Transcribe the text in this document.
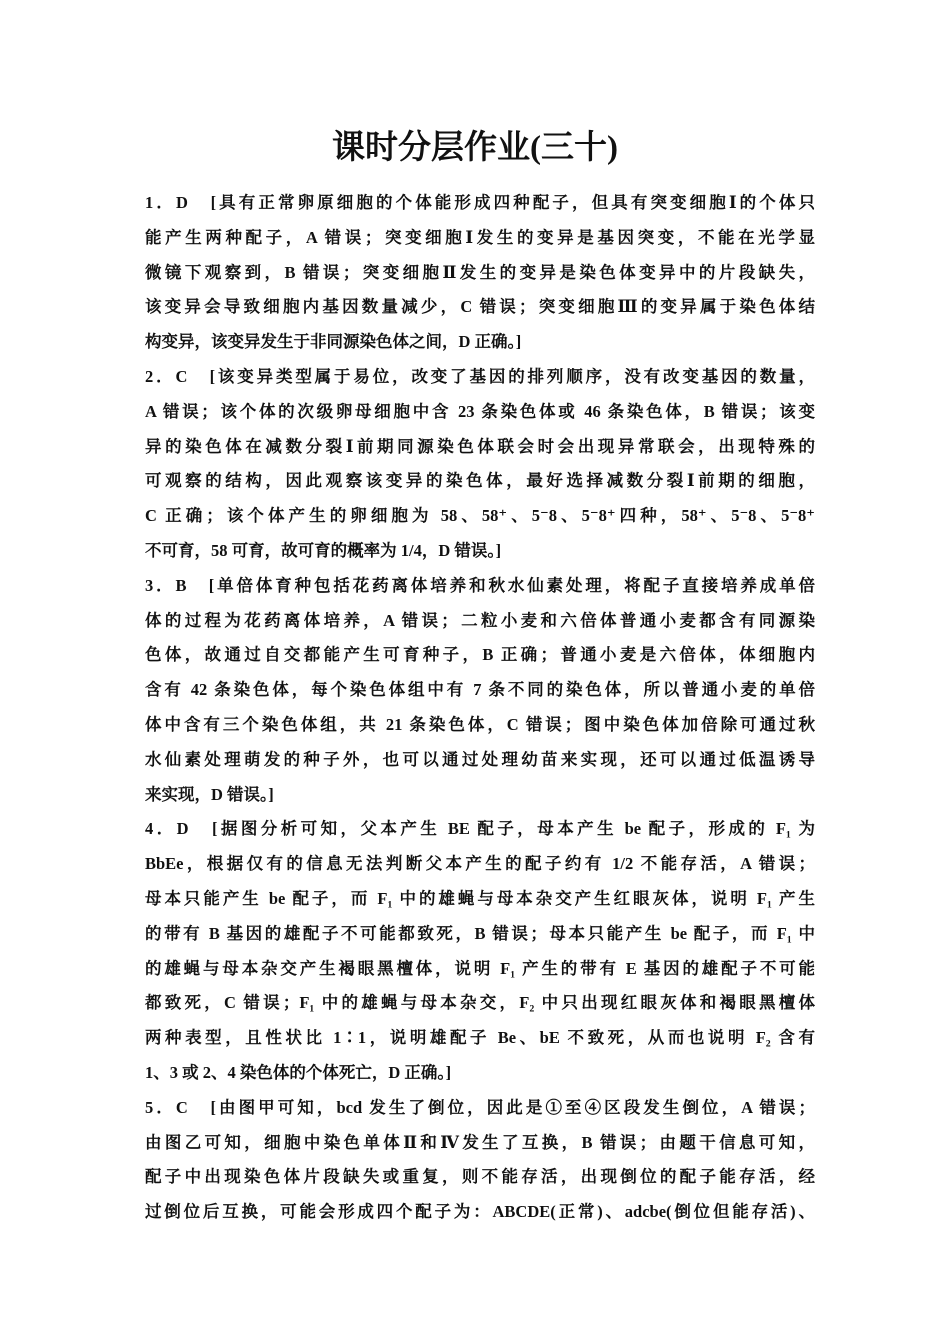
课时分层作业(三十)
1．D　[具有正常卵原细胞的个体能形成四种配子，但具有突变细胞Ⅰ的个体只
能产生两种配子，A 错误；突变细胞Ⅰ发生的变异是基因突变，不能在光学显
微镜下观察到，B 错误；突变细胞Ⅱ发生的变异是染色体变异中的片段缺失，
该变异会导致细胞内基因数量减少，C 错误；突变细胞Ⅲ的变异属于染色体结
构变异，该变异发生于非同源染色体之间，D 正确。]
2．C　[该变异类型属于易位，改变了基因的排列顺序，没有改变基因的数量，
A 错误；该个体的次级卵母细胞中含 23 条染色体或 46 条染色体，B 错误；该变
异的染色体在减数分裂Ⅰ前期同源染色体联会时会出现异常联会，出现特殊的
可观察的结构，因此观察该变异的染色体，最好选择减数分裂Ⅰ前期的细胞，
C 正确；该个体产生的卵细胞为 58、58⁺、5⁻8、5⁻8⁺四种，58⁺、5⁻8、5⁻8⁺
不可育，58 可育，故可育的概率为 1/4，D 错误。]
3．B　[单倍体育种包括花药离体培养和秋水仙素处理，将配子直接培养成单倍
体的过程为花药离体培养，A 错误；二粒小麦和六倍体普通小麦都含有同源染
色体，故通过自交都能产生可育种子，B 正确；普通小麦是六倍体，体细胞内
含有 42 条染色体，每个染色体组中有 7 条不同的染色体，所以普通小麦的单倍
体中含有三个染色体组，共 21 条染色体，C 错误；图中染色体加倍除可通过秋
水仙素处理萌发的种子外，也可以通过处理幼苗来实现，还可以通过低温诱导
来实现，D 错误。]
4．D　[据图分析可知，父本产生 BE 配子，母本产生 be 配子，形成的 F₁ 为
BbEe，根据仅有的信息无法判断父本产生的配子约有 1/2 不能存活，A 错误；
母本只能产生 be 配子，而 F₁ 中的雄蝇与母本杂交产生红眼灰体，说明 F₁ 产生
的带有 B 基因的雄配子不可能都致死，B 错误；母本只能产生 be 配子，而 F₁ 中
的雄蝇与母本杂交产生褐眼黑檀体，说明 F₁ 产生的带有 E 基因的雄配子不可能
都致死，C 错误；F₁ 中的雄蝇与母本杂交，F₂ 中只出现红眼灰体和褐眼黑檀体
两种表型，且性状比 1∶1，说明雄配子 Be、bE 不致死，从而也说明 F₂ 含有
1、3 或 2、4 染色体的个体死亡，D 正确。]
5．C　[由图甲可知，bcd 发生了倒位，因此是①至④区段发生倒位，A 错误；
由图乙可知，细胞中染色单体Ⅱ和Ⅳ发生了互换，B 错误；由题干信息可知，
配子中出现染色体片段缺失或重复，则不能存活，出现倒位的配子能存活，经
过倒位后互换，可能会形成四个配子为：ABCDE(正常)、adcbe(倒位但能存活)、
